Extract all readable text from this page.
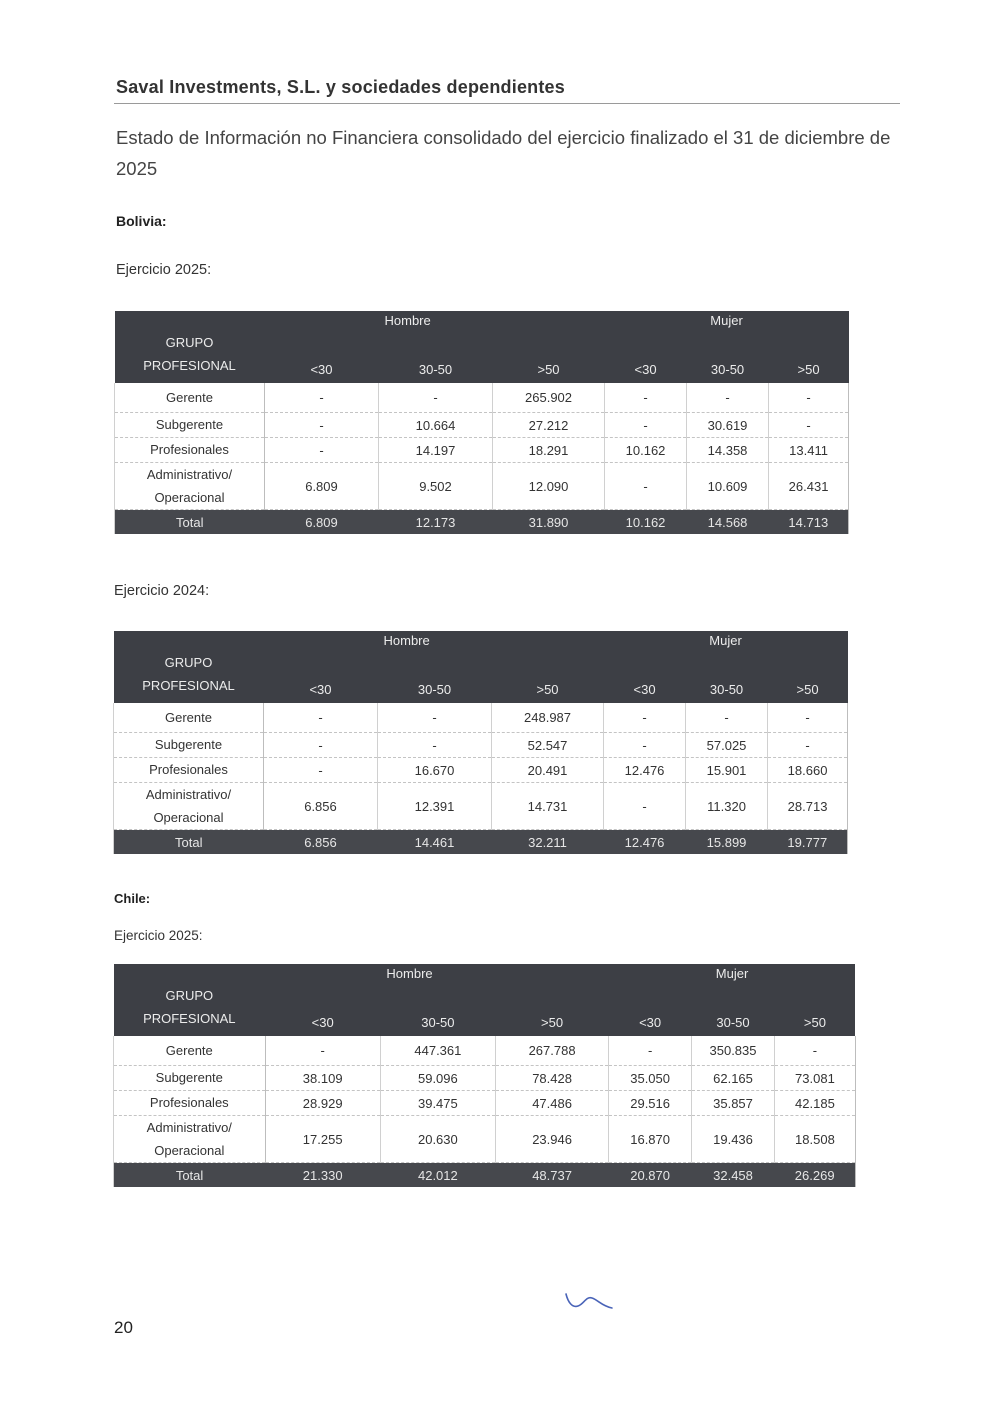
Saval Investments, S.L. y sociedades dependientes
Estado de Información no Financiera consolidado del ejercicio finalizado el 31 de diciembre de 2025
Bolivia:
Ejercicio 2025:
GRUPO PROFESIONAL	Hombre			Mujer		
	<30	30-50	>50	<30	30-50	>50
Gerente	-	-	265.902	-	-	-
Subgerente	-	10.664	27.212	-	30.619	-
Profesionales	-	14.197	18.291	10.162	14.358	13.411
Administrativo/ Operacional	6.809	9.502	12.090	-	10.609	26.431
Total	6.809	12.173	31.890	10.162	14.568	14.713
Ejercicio 2024:
GRUPO PROFESIONAL	Hombre			Mujer		
	<30	30-50	>50	<30	30-50	>50
Gerente	-	-	248.987	-	-	-
Subgerente	-	-	52.547	-	57.025	-
Profesionales	-	16.670	20.491	12.476	15.901	18.660
Administrativo/ Operacional	6.856	12.391	14.731	-	11.320	28.713
Total	6.856	14.461	32.211	12.476	15.899	19.777
Chile:
Ejercicio 2025:
GRUPO PROFESIONAL	Hombre			Mujer		
	<30	30-50	>50	<30	30-50	>50
Gerente	-	447.361	267.788	-	350.835	-
Subgerente	38.109	59.096	78.428	35.050	62.165	73.081
Profesionales	28.929	39.475	47.486	29.516	35.857	42.185
Administrativo/ Operacional	17.255	20.630	23.946	16.870	19.436	18.508
Total	21.330	42.012	48.737	20.870	32.458	26.269
20
